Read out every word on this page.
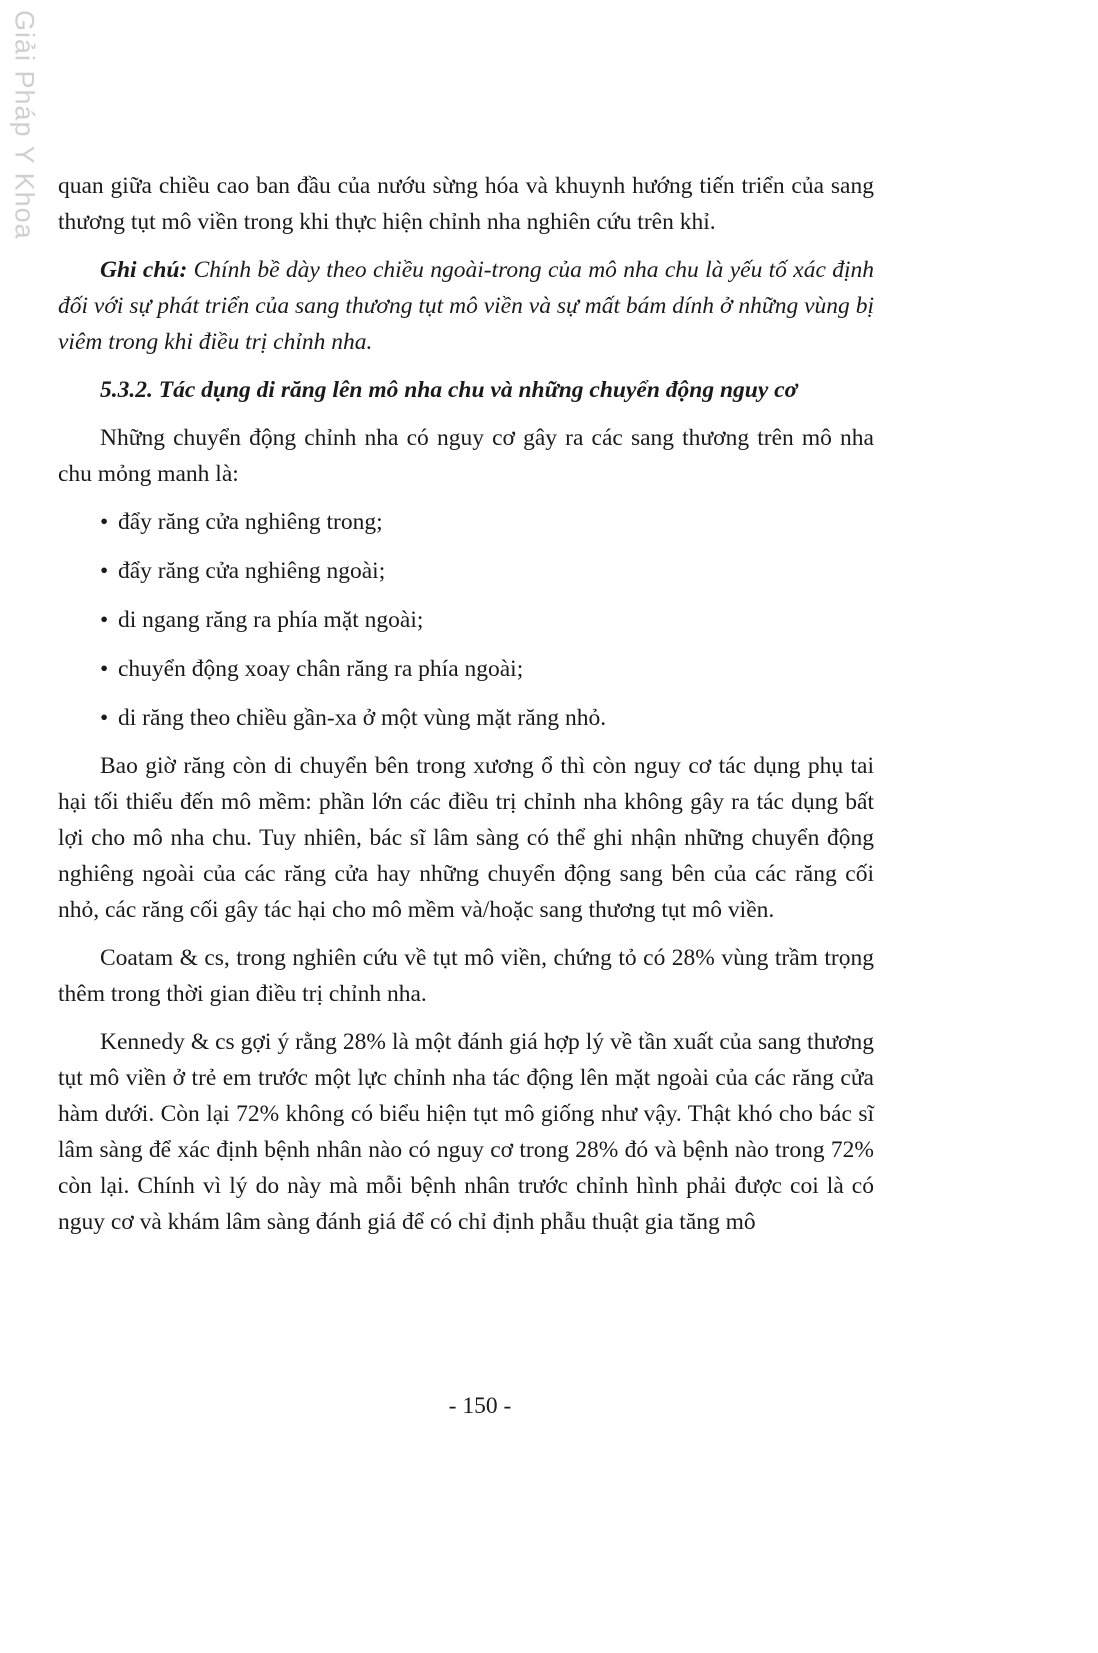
Giải Pháp Y Khoa quan giữa chiều cao ban đầu của nướu sừng hóa và khuynh hướng tiến triển của sang thương tụt mô viền trong khi thực hiện chỉnh nha nghiên cứu trên khỉ.

Ghi chú: Chính bề dày theo chiều ngoài-trong của mô nha chu là yếu tố xác định đối với sự phát triển của sang thương tụt mô viền và sự mất bám dính ở những vùng bị viêm trong khi điều trị chỉnh nha.

5.3.2. Tác dụng di răng lên mô nha chu và những chuyển động nguy cơ

Những chuyển động chỉnh nha có nguy cơ gây ra các sang thương trên mô nha chu mỏng manh là:

• đẩy răng cửa nghiêng trong;
• đẩy răng cửa nghiêng ngoài;
• di ngang răng ra phía mặt ngoài;
• chuyển động xoay chân răng ra phía ngoài;
• di răng theo chiều gần-xa ở một vùng mặt răng nhỏ.

Bao giờ răng còn di chuyển bên trong xương ổ thì còn nguy cơ tác dụng phụ tai hại tối thiểu đến mô mềm: phần lớn các điều trị chỉnh nha không gây ra tác dụng bất lợi cho mô nha chu. Tuy nhiên, bác sĩ lâm sàng có thể ghi nhận những chuyển động nghiêng ngoài của các răng cửa hay những chuyển động sang bên của các răng cối nhỏ, các răng cối gây tác hại cho mô mềm và/hoặc sang thương tụt mô viền.

Coatam & cs, trong nghiên cứu về tụt mô viền, chứng tỏ có 28% vùng trầm trọng thêm trong thời gian điều trị chỉnh nha.

Kennedy & cs gợi ý rằng 28% là một đánh giá hợp lý về tần xuất của sang thương tụt mô viền ở trẻ em trước một lực chỉnh nha tác động lên mặt ngoài của các răng cửa hàm dưới. Còn lại 72% không có biểu hiện tụt mô giống như vậy. Thật khó cho bác sĩ lâm sàng để xác định bệnh nhân nào có nguy cơ trong 28% đó và bệnh nào trong 72% còn lại. Chính vì lý do này mà mỗi bệnh nhân trước chỉnh hình phải được coi là có nguy cơ và khám lâm sàng đánh giá để có chỉ định phẫu thuật gia tăng mô

- 150 -
